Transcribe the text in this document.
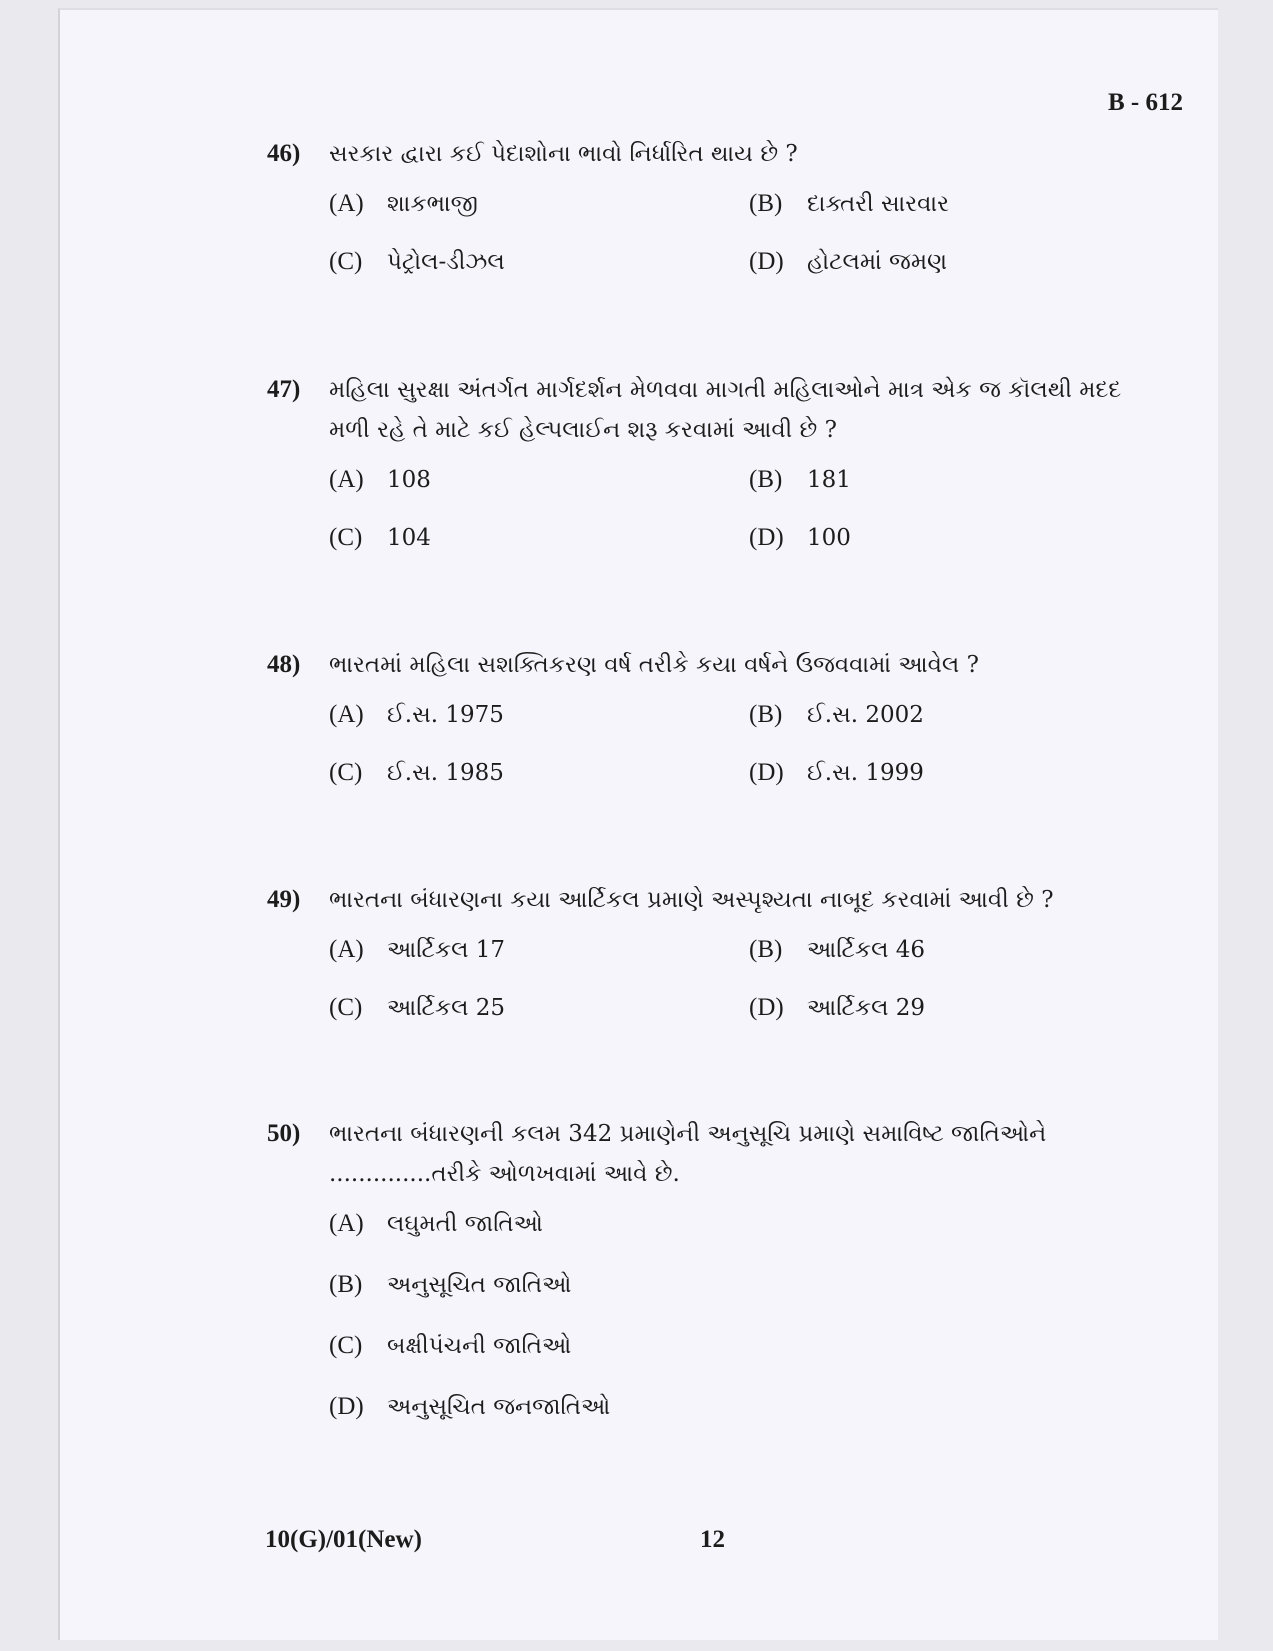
B - 612
46)	સરકાર દ્વારા કઈ પેદાશોના ભાવો નિર્ધારિત થાય છે ?
(A) શાકભાજી	(B) દાક્તરી સારવાર
(C) પેટ્રોલ-ડીઝલ	(D) હોટલમાં જમણ
47)	મહિલા સુરક્ષા અંતર્ગત માર્ગદર્શન મેળવવા માગતી મહિલાઓને માત્ર એક જ કૉલથી મદદ મળી રહે તે માટે કઈ હેલ્પલાઈન શરૂ કરવામાં આવી છે ?
(A) 108	(B) 181
(C) 104	(D) 100
48)	ભારતમાં મહિલા સશક્તિકરણ વર્ષ તરીકે કયા વર્ષને ઉજવવામાં આવેલ ?
(A) ઈ.સ. 1975	(B) ઈ.સ. 2002
(C) ઈ.સ. 1985	(D) ઈ.સ. 1999
49)	ભારતના બંધારણના કયા આર્ટિકલ પ્રમાણે અસ્પૃશ્યતા નાબૂદ કરવામાં આવી છે ?
(A) આર્ટિકલ 17	(B) આર્ટિકલ 46
(C) આર્ટિકલ 25	(D) આર્ટિકલ 29
50)	ભારતના બંધારણની કલમ 342 પ્રમાણેની અનુસૂચિ પ્રમાણે સમાવિષ્ટ જાતિઓને ..............તરીકે ઓળખવામાં આવે છે.
(A) લઘુમતી જાતિઓ
(B) અનુસૂચિત જાતિઓ
(C) બક્ષીપંચની જાતિઓ
(D) અનુસૂચિત જનજાતિઓ
10(G)/01(New)	12
